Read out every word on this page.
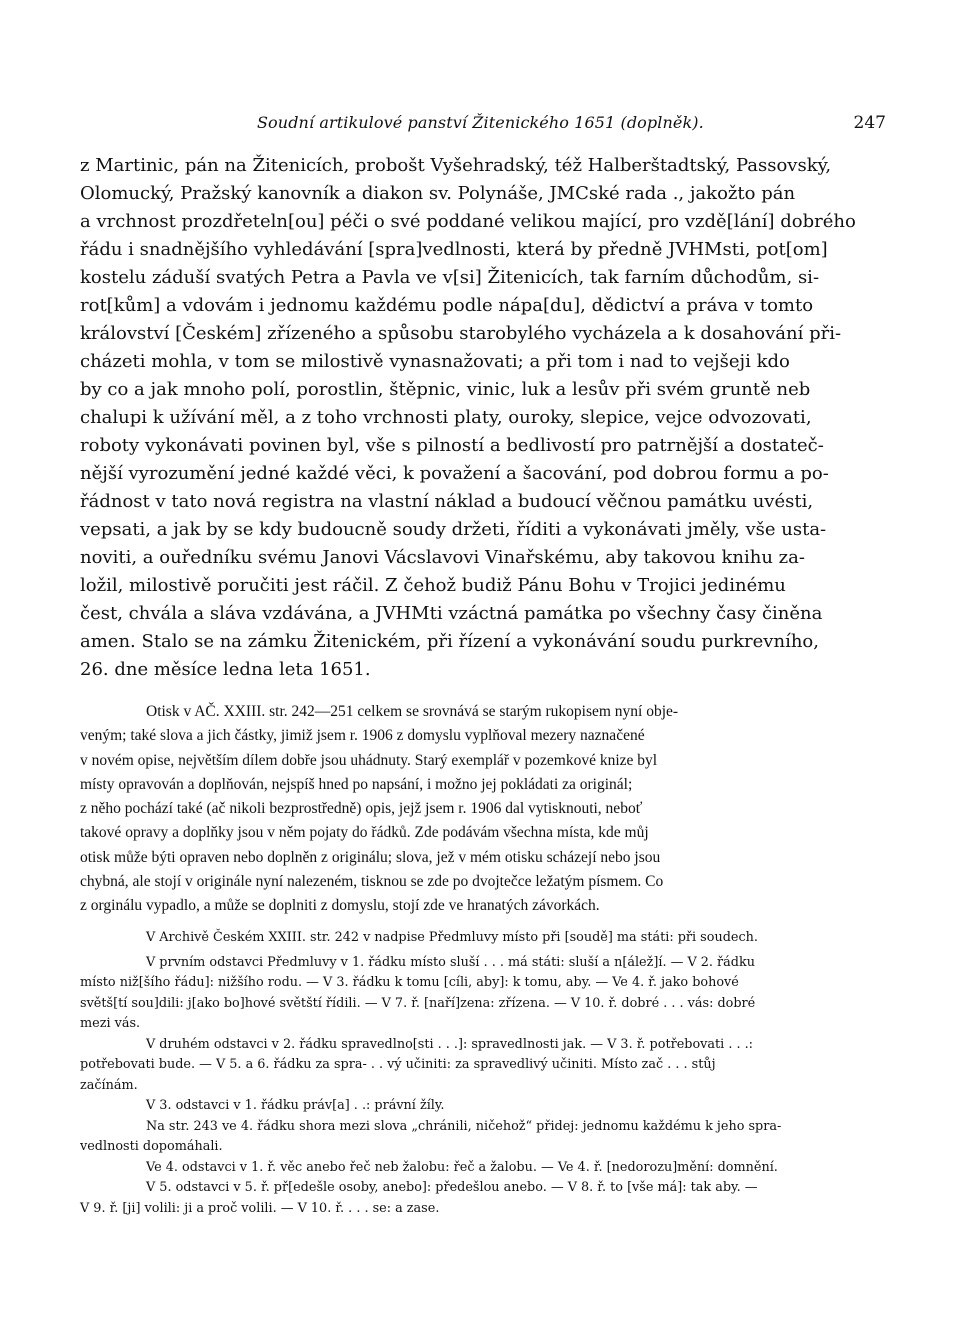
Soudní artikulové panství Žitenického 1651 (doplněk).	247

z Martinic, pán na Žitenicích, probošt Vyšehradský, též Halberštadtský, Passovský,

Olomucký, Pražský kanovník a diakon sv. Polynáše, JMCské rada ., jakožto pán

a vrchnost prozdřeteln[ou] péči o své poddané velikou mající, pro vzdě[lání] dobrého

řádu i snadnějšího vyhledávání [spra]vedlnosti, která by předně JVHMsti, pot[om]

kostelu záduší svatých Petra a Pavla ve v[si] Žitenicích, tak farním důchodům, si-

rot[kům] a vdovám i jednomu každému podle nápa[du], dědictví a práva v tomto

království [Českém] zřízeného a spůsobu starobylého vycházela a k dosahování při-

cházeti mohla, v tom se milostivě vynasnažovati; a při tom i nad to vejšeji kdo

by co a jak mnoho polí, porostlin, štěpnic, vinic, luk a lesův při svém gruntě neb

chalupi k užívání měl, a z toho vrchnosti platy, ouroky, slepice, vejce odvozovati,

roboty vykonávati povinen byl, vše s pilností a bedlivostí pro patrnější a dostateč-

nější vyrozumění jedné každé věci, k považení a šacování, pod dobrou formu a po-

řádnost v tato nová registra na vlastní náklad a budoucí věčnou památku uvésti,

vepsati, a jak by se kdy budoucně soudy držeti, říditi a vykonávati jměly, vše usta-

noviti, a ouředníku svému Janovi Vácslavovi Vinařskému, aby takovou knihu za-

ložil, milostivě poručiti jest ráčil. Z čehož budiž Pánu Bohu v Trojici jedinému

čest, chvála a sláva vzdávána, a JVHMti vzáctná památka po všechny časy činěna

amen. Stalo se na zámku Žitenickém, při řízení a vykonávání soudu purkrevního,

26. dne měsíce ledna leta 1651.

Otisk v AČ. XXIII. str. 242—251 celkem se srovnává se starým rukopisem nyní obje-

veným; také slova a jich částky, jimiž jsem r. 1906 z domyslu vyplňoval mezery naznačené

v novém opise, největším dílem dobře jsou uhádnuty. Starý exemplář v pozemkové knize byl

místy opravován a doplňován, nejspíš hned po napsání, i možno jej pokládati za originál;

z něho pochází také (ač nikoli bezprostředně) opis, jejž jsem r. 1906 dal vytisknouti, neboť

takové opravy a doplňky jsou v něm pojaty do řádků. Zde podávám všechna místa, kde můj

otisk může býti opraven nebo doplněn z originálu; slova, jež v mém otisku scházejí nebo jsou

chybná, ale stojí v originále nyní nalezeném, tisknou se zde po dvojtečce ležatým písmem. Co

z orginálu vypadlo, a může se doplniti z domyslu, stojí zde ve hranatých závorkách.

V Archivě Českém XXIII. str. 242 v nadpise Předmluvy místo při [soudě] ma státi: při soudech.

V prvním odstavci Předmluvy v 1. řádku místo sluší . . . má státi: sluší a n[álež]í. — V 2. řádku

místo niž[šího řádu]: nižšího rodu. — V 3. řádku k tomu [cíli, aby]: k tomu, aby. — Ve 4. ř. jako bohové

světš[tí sou]dili: j[ako bo]hové světští řídili. — V 7. ř. [naří]zena: zřízena. — V 10. ř. dobré . . . vás: dobré

mezi vás.

V druhém odstavci v 2. řádku spravedlno[sti . . .]: spravedlnosti jak. — V 3. ř. potřebovati . . .:

potřebovati bude. — V 5. a 6. řádku za spra- . . vý učiniti: za spravedlivý učiniti. Místo zač . . . stůj

začínám.

V 3. odstavci v 1. řádku práv[a] . .: právní žíly.

Na str. 243 ve 4. řádku shora mezi slova „chránili, ničehož“ přidej: jednomu každému k jeho spra-

vedlnosti dopomáhali.

Ve 4. odstavci v 1. ř. věc anebo řeč neb žalobu: řeč a žalobu. — Ve 4. ř. [nedorozu]mění: domnění.

V 5. odstavci v 5. ř. př[edešle osoby, anebo]: předešlou anebo. — V 8. ř. to [vše má]: tak aby. —

V 9. ř. [ji] volili: ji a proč volili. — V 10. ř. . . . se: a zase.
